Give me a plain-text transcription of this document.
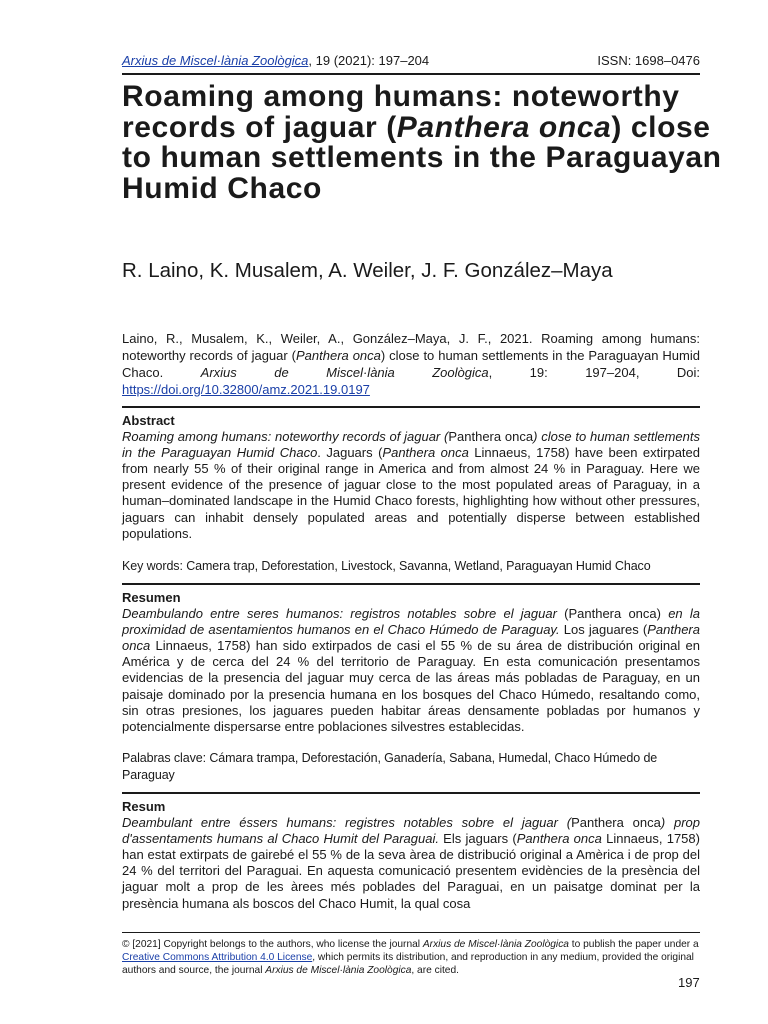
Arxius de Miscel·lània Zoològica, 19 (2021): 197–204	ISSN: 1698–0476
Roaming among humans: noteworthy records of jaguar (Panthera onca) close to human settlements in the Paraguayan Humid Chaco
R. Laino, K. Musalem, A. Weiler, J. F. González–Maya
Laino, R., Musalem, K., Weiler, A., González–Maya, J. F., 2021. Roaming among humans: noteworthy records of jaguar (Panthera onca) close to human settlements in the Paraguayan Humid Chaco. Arxius de Miscel·lània Zoològica, 19: 197–204, Doi: https://doi.org/10.32800/amz.2021.19.0197
Abstract
Roaming among humans: noteworthy records of jaguar (Panthera onca) close to human settlements in the Paraguayan Humid Chaco. Jaguars (Panthera onca Linnaeus, 1758) have been extirpated from nearly 55 % of their original range in America and from almost 24 % in Paraguay. Here we present evidence of the presence of jaguar close to the most populated areas of Paraguay, in a human–dominated landscape in the Humid Chaco forests, highlighting how without other pressures, jaguars can inhabit densely populated areas and potentially disperse between established populations.
Key words: Camera trap, Deforestation, Livestock, Savanna, Wetland, Paraguayan Humid Chaco
Resumen
Deambulando entre seres humanos: registros notables sobre el jaguar (Panthera onca) en la proximidad de asentamientos humanos en el Chaco Húmedo de Paraguay. Los jaguares (Panthera onca Linnaeus, 1758) han sido extirpados de casi el 55 % de su área de distribución original en América y de cerca del 24 % del territorio de Paraguay. En esta comunicación presentamos evidencias de la presencia del jaguar muy cerca de las áreas más pobladas de Paraguay, en un paisaje dominado por la presencia humana en los bosques del Chaco Húmedo, resaltando como, sin otras presiones, los jaguares pueden habitar áreas densamente pobladas por humanos y potencialmente dispersarse entre poblaciones silvestres establecidas.
Palabras clave: Cámara trampa, Deforestación, Ganadería, Sabana, Humedal, Chaco Húmedo de Paraguay
Resum
Deambulant entre éssers humans: registres notables sobre el jaguar (Panthera onca) prop d'assentaments humans al Chaco Humit del Paraguai. Els jaguars (Panthera onca Linnaeus, 1758) han estat extirpats de gairebé el 55 % de la seva àrea de distribució original a Amèrica i de prop del 24 % del territori del Paraguai. En aquesta comunicació presentem evidències de la presència del jaguar molt a prop de les àrees més poblades del Paraguai, en un paisatge dominat per la presència humana als boscos del Chaco Humit, la qual cosa
© [2021] Copyright belongs to the authors, who license the journal Arxius de Miscel·lània Zoològica to publish the paper under a Creative Commons Attribution 4.0 License, which permits its distribution, and reproduction in any medium, provided the original authors and source, the journal Arxius de Miscel·lània Zoològica, are cited.
197
